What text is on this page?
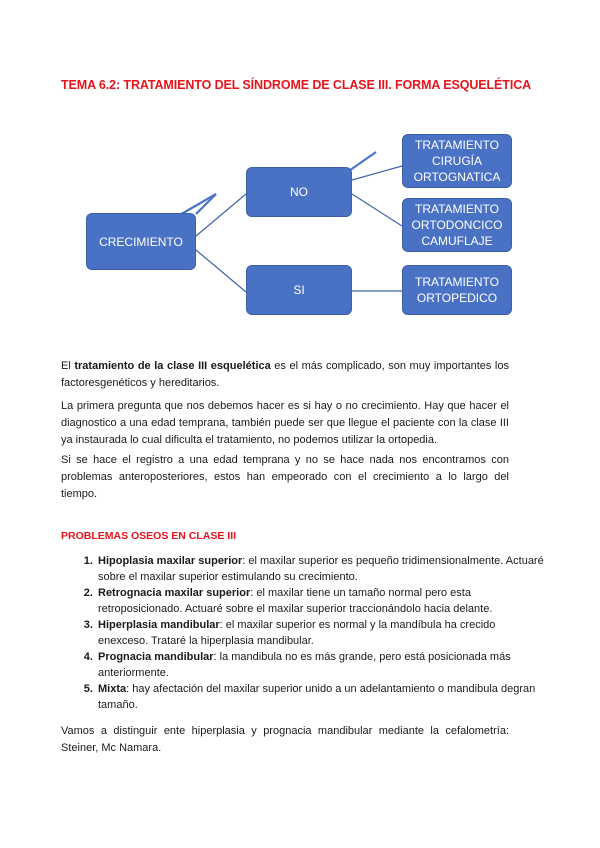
TEMA 6.2: TRATAMIENTO DEL SÍNDROME DE CLASE III. FORMA ESQUELÉTICA
CRECIMIENTO
NO
SI
TRATAMIENTO
CIRUGÍA
ORTOGNATICA
TRATAMIENTO
ORTODONCICO
CAMUFLAJE
TRATAMIENTO
ORTOPEDICO
El tratamiento de la clase III esquelética es el más complicado, son muy importantes los factoresgenéticos y hereditarios.
La primera pregunta que nos debemos hacer es si hay o no crecimiento. Hay que hacer el diagnostico a una edad temprana, también puede ser que llegue el paciente con la clase III ya instaurada lo cual dificulta el tratamiento, no podemos utilizar la ortopedia.
Si se hace el registro a una edad temprana y no se hace nada nos encontramos con problemas anteroposteriores, estos han empeorado con el crecimiento a lo largo del tiempo.
PROBLEMAS OSEOS EN CLASE III
1. Hipoplasia maxilar superior: el maxilar superior es pequeño tridimensionalmente. Actuaré sobre el maxilar superior estimulando su crecimiento.
2. Retrognacia maxilar superior: el maxilar tiene un tamaño normal pero esta retroposicionado. Actuaré sobre el maxilar superior traccionándolo hacia delante.
3. Hiperplasia mandibular: el maxilar superior es normal y la mandíbula ha crecido enexceso. Trataré la hiperplasia mandibular.
4. Prognacia mandibular: la mandibula no es más grande, pero está posicionada más anteriormente.
5. Mixta: hay afectación del maxilar superior unido a un adelantamiento o mandibula degran tamaño.
Vamos a distinguir ente hiperplasia y prognacia mandibular mediante la cefalometría: Steiner, Mc Namara.
